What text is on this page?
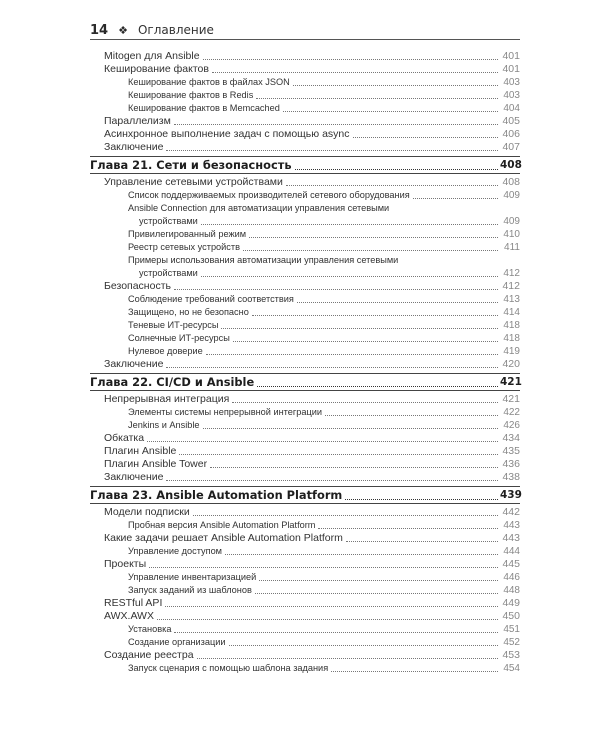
14 ❖ Оглавление
Mitogen для Ansible	401
Кеширование фактов	401
Кеширование фактов в файлах JSON	403
Кеширование фактов в Redis	403
Кеширование фактов в Memcached	404
Параллелизм	405
Асинхронное выполнение задач с помощью async	406
Заключение	407
Глава 21. Сети и безопасность	408
Управление сетевыми устройствами	408
Список поддерживаемых производителей сетевого оборудования	409
Ansible Connection для автоматизации управления сетевыми
устройствами	409
Привилегированный режим	410
Реестр сетевых устройств	411
Примеры использования автоматизации управления сетевыми
устройствами	412
Безопасность	412
Соблюдение требований соответствия	413
Защищено, но не безопасно	414
Теневые ИТ-ресурсы	418
Солнечные ИТ-ресурсы	418
Нулевое доверие	419
Заключение	420
Глава 22. CI/CD и Ansible	421
Непрерывная интеграция	421
Элементы системы непрерывной интеграции	422
Jenkins и Ansible	426
Обкатка	434
Плагин Ansible	435
Плагин Ansible Tower	436
Заключение	438
Глава 23. Ansible Automation Platform	439
Модели подписки	442
Пробная версия Ansible Automation Platform	443
Какие задачи решает Ansible Automation Platform	443
Управление доступом	444
Проекты	445
Управление инвентаризацией	446
Запуск заданий из шаблонов	448
RESTful API	449
AWX.AWX	450
Установка	451
Создание организации	452
Создание реестра	453
Запуск сценария с помощью шаблона задания	454
